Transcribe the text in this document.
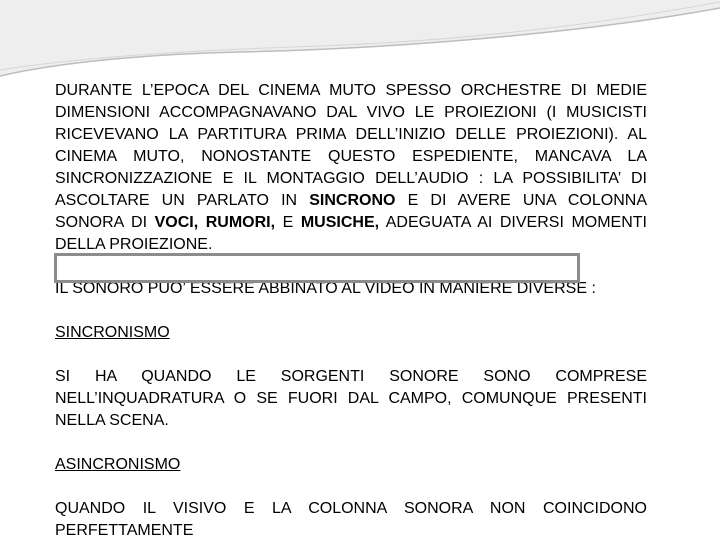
DURANTE L’EPOCA DEL CINEMA MUTO SPESSO ORCHESTRE DI MEDIE DIMENSIONI ACCOMPAGNAVANO DAL VIVO LE PROIEZIONI (I MUSICISTI RICEVEVANO LA PARTITURA PRIMA DELL’INIZIO DELLE PROIEZIONI). AL CINEMA MUTO, NONOSTANTE QUESTO ESPEDIENTE, MANCAVA LA SINCRONIZZAZIONE E IL MONTAGGIO DELL’AUDIO : LA POSSIBILITA’ DI ASCOLTARE UN PARLATO IN SINCRONO E DI AVERE UNA COLONNA SONORA DI VOCI, RUMORI, E MUSICHE, ADEGUATA AI DIVERSI MOMENTI DELLA PROIEZIONE.

IL SONORO PUO’ ESSERE ABBINATO AL VIDEO IN MANIERE DIVERSE :

SINCRONISMO

SI HA QUANDO LE SORGENTI SONORE SONO COMPRESE NELL’INQUADRATURA O SE FUORI DAL CAMPO, COMUNQUE PRESENTI NELLA SCENA.

ASINCRONISMO

QUANDO IL VISIVO E LA COLONNA SONORA NON COINCIDONO PERFETTAMENTE
